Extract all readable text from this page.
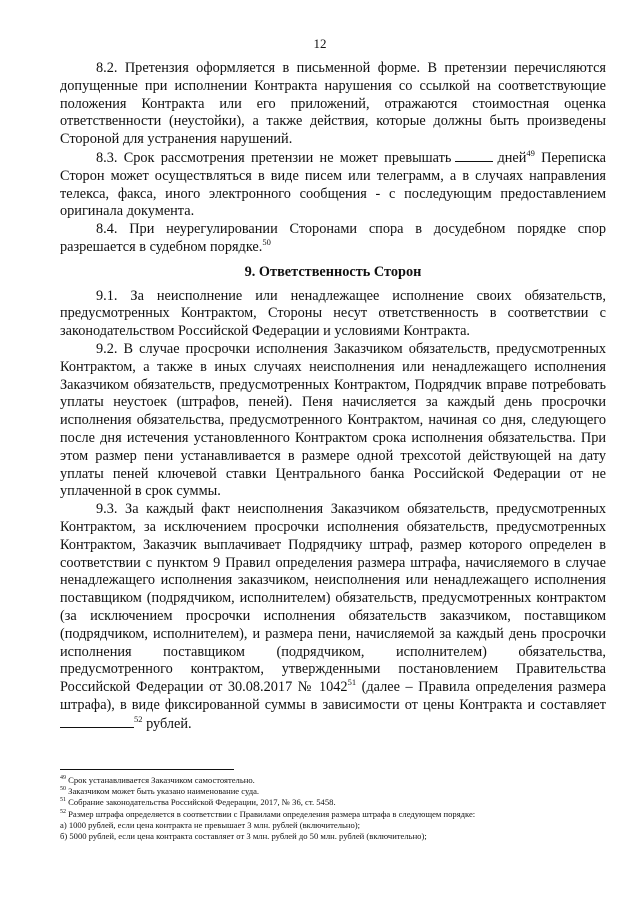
12

8.2. Претензия оформляется в письменной форме. В претензии перечисляются допущенные при исполнении Контракта нарушения со ссылкой на соответствующие положения Контракта или его приложений, отражаются стоимостная оценка ответственности (неустойки), а также действия, которые должны быть произведены Стороной для устранения нарушений.

8.3. Срок рассмотрения претензии не может превышать	дней$^{49}$ Переписка Сторон может осуществляться в виде писем или телеграмм, а в случаях направления телекса, факса, иного электронного сообщения - с последующим предоставлением оригинала документа.

8.4. При неурегулировании Сторонами спора в досудебном порядке спор разрешается в судебном порядке.$^{50}$

9. Ответственность Сторон

9.1. За неисполнение или ненадлежащее исполнение своих обязательств, предусмотренных Контрактом, Стороны несут ответственность в соответствии с законодательством Российской Федерации и условиями Контракта.

9.2. В случае просрочки исполнения Заказчиком обязательств, предусмотренных Контрактом, а также в иных случаях неисполнения или ненадлежащего исполнения Заказчиком обязательств, предусмотренных Контрактом, Подрядчик вправе потребовать уплаты неустоек (штрафов, пеней). Пеня начисляется за каждый день просрочки исполнения обязательства, предусмотренного Контрактом, начиная со дня, следующего после дня истечения установленного Контрактом срока исполнения обязательства. При этом размер пени устанавливается в размере одной трехсотой действующей на дату уплаты пеней ключевой ставки Центрального банка Российской Федерации от не уплаченной в срок суммы.

9.3. За каждый факт неисполнения Заказчиком обязательств, предусмотренных Контрактом, за исключением просрочки исполнения обязательств, предусмотренных Контрактом, Заказчик выплачивает Подрядчику штраф, размер которого определен в соответствии с пунктом 9 Правил определения размера штрафа, начисляемого в случае ненадлежащего исполнения заказчиком, неисполнения или ненадлежащего исполнения поставщиком (подрядчиком, исполнителем) обязательств, предусмотренных контрактом (за исключением просрочки исполнения обязательств заказчиком, поставщиком (подрядчиком, исполнителем), и размера пени, начисляемой за каждый день просрочки исполнения поставщиком (подрядчиком, исполнителем) обязательства, предусмотренного контрактом, утвержденными постановлением Правительства Российской Федерации от 30.08.2017 № 1042$^{51}$ (далее – Правила определения размера штрафа), в виде фиксированной суммы в зависимости от цены Контракта и составляет$^{52}$ рублей.

$^{49}$ Срок устанавливается Заказчиком самостоятельно.

$^{50}$ Заказчиком может быть указано наименование суда.

$^{51}$ Собрание законодательства Российской Федерации, 2017, № 36, ст. 5458.

$^{52}$ Размер штрафа определяется в соответствии с Правилами определения размера штрафа в следующем порядке:

а) 1000 рублей, если цена контракта не превышает 3 млн. рублей (включительно);

б) 5000 рублей, если цена контракта составляет от 3 млн. рублей до 50 млн. рублей (включительно);
